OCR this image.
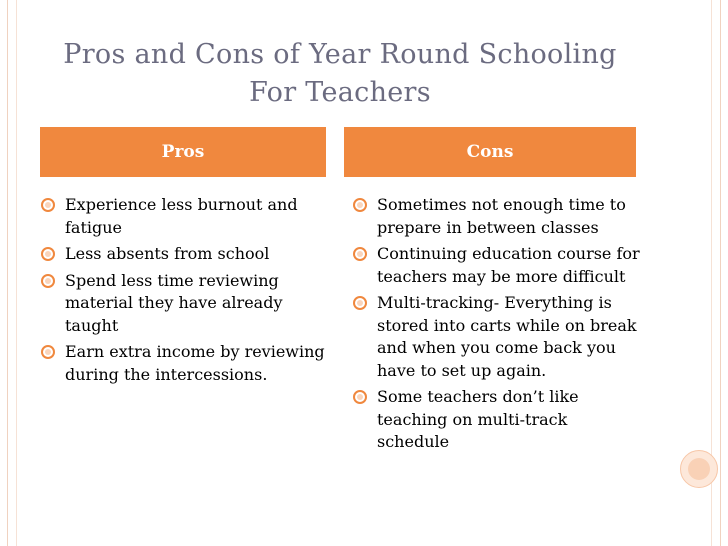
Pros and Cons of Year Round Schooling
For Teachers
Pros	Cons
Experience less burnout and fatigue
Less absents from school
Spend less time reviewing material they have already taught
Earn extra income by reviewing during the intercessions.
Sometimes not enough time to prepare in between classes
Continuing education course for teachers may be more difficult
Multi-tracking- Everything is stored into carts while on break and when you come back you have to set up again.
Some teachers don’t like teaching on multi-track schedule
